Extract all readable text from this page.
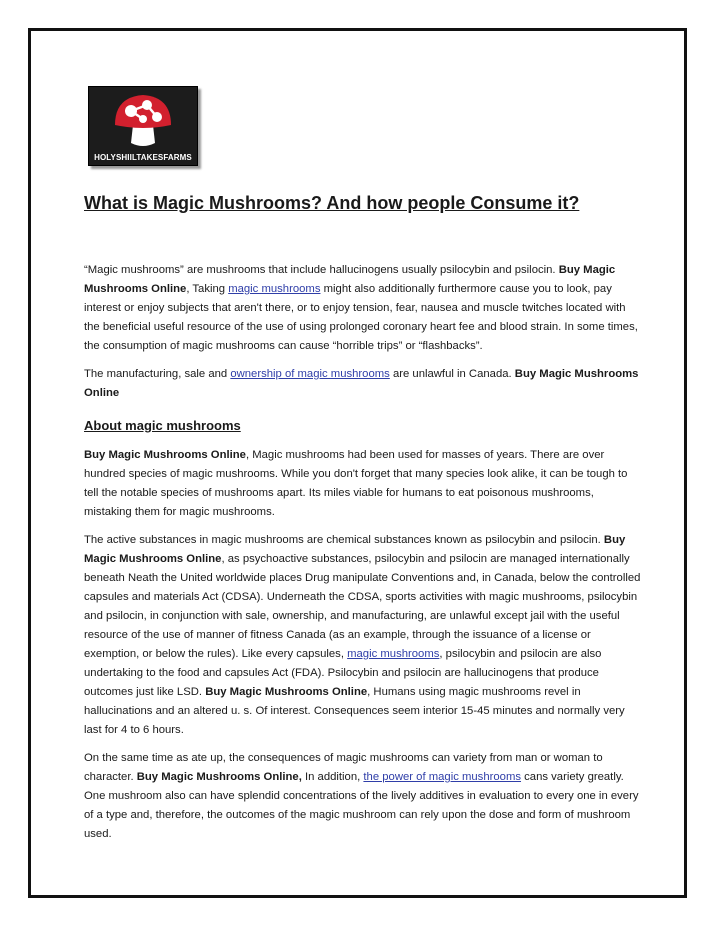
HOLYSHIILTAKESFARMS
What is Magic Mushrooms? And how people Consume it?

“Magic mushrooms” are mushrooms that include hallucinogens usually psilocybin and psilocin. Buy Magic Mushrooms Online, Taking magic mushrooms might also additionally furthermore cause you to look, pay interest or enjoy subjects that aren't there, or to enjoy tension, fear, nausea and muscle twitches located with the beneficial useful resource of the use of using prolonged coronary heart fee and blood strain. In some times, the consumption of magic mushrooms can cause “horrible trips” or “flashbacks”.

The manufacturing, sale and ownership of magic mushrooms are unlawful in Canada. Buy Magic Mushrooms Online

About magic mushrooms

Buy Magic Mushrooms Online, Magic mushrooms had been used for masses of years. There are over hundred species of magic mushrooms. While you don't forget that many species look alike, it can be tough to tell the notable species of mushrooms apart. Its miles viable for humans to eat poisonous mushrooms, mistaking them for magic mushrooms.

The active substances in magic mushrooms are chemical substances known as psilocybin and psilocin. Buy Magic Mushrooms Online, as psychoactive substances, psilocybin and psilocin are managed internationally beneath Neath the United worldwide places Drug manipulate Conventions and, in Canada, below the controlled capsules and materials Act (CDSA). Underneath the CDSA, sports activities with magic mushrooms, psilocybin and psilocin, in conjunction with sale, ownership, and manufacturing, are unlawful except jail with the useful resource of the use of manner of fitness Canada (as an example, through the issuance of a license or exemption, or below the rules). Like every capsules, magic mushrooms, psilocybin and psilocin are also undertaking to the food and capsules Act (FDA). Psilocybin and psilocin are hallucinogens that produce outcomes just like LSD. Buy Magic Mushrooms Online, Humans using magic mushrooms revel in hallucinations and an altered u. s. Of interest. Consequences seem interior 15-45 minutes and normally very last for 4 to 6 hours.

On the same time as ate up, the consequences of magic mushrooms can variety from man or woman to character. Buy Magic Mushrooms Online, In addition, the power of magic mushrooms cans variety greatly. One mushroom also can have splendid concentrations of the lively additives in evaluation to every one in every of a type and, therefore, the outcomes of the magic mushroom can rely upon the dose and form of mushroom used.
